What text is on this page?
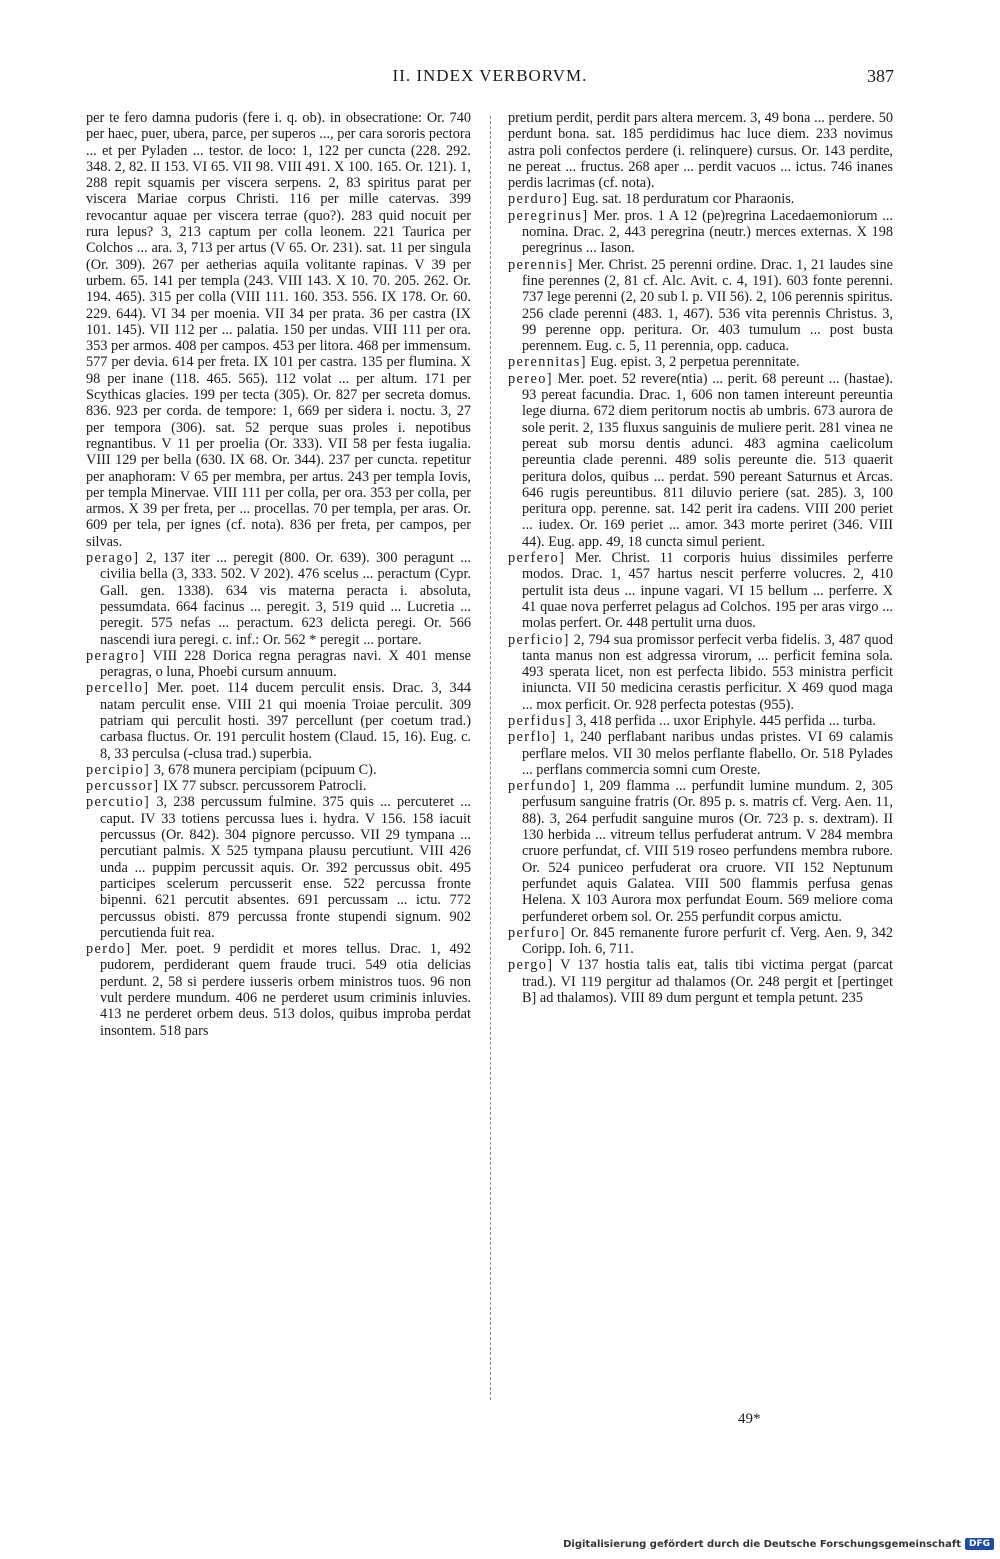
II. INDEX VERBORVM.	387

per te fero damna pudoris (fere i. q. ob). in obsecratione: Or. 740 per haec, puer, ubera, parce, per superos ..., per cara sororis pectora ... et per Pyladen ... testor. de loco: 1, 122 per cuncta (228. 292. 348. 2, 82. II 153. VI 65. VII 98. VIII 491. X 100. 165. Or. 121). 1, 288 repit squamis per viscera serpens. 2, 83 spiritus parat per viscera Mariae corpus Christi. 116 per mille catervas. 399 revocantur aquae per viscera terrae (quo?). 283 quid nocuit per rura lepus? 3, 213 captum per colla leonem. 221 Taurica per Colchos ... ara. 3, 713 per artus (V 65. Or. 231). sat. 11 per singula (Or. 309). 267 per aetherias aquila volitante rapinas. V 39 per urbem. 65. 141 per templa (243. VIII 143. X 10. 70. 205. 262. Or. 194. 465). 315 per colla (VIII 111. 160. 353. 556. IX 178. Or. 60. 229. 644). VI 34 per moenia. VII 34 per prata. 36 per castra (IX 101. 145). VII 112 per ... palatia. 150 per undas. VIII 111 per ora. 353 per armos. 408 per campos. 453 per litora. 468 per immensum. 577 per devia. 614 per freta. IX 101 per castra. 135 per flumina. X 98 per inane (118. 465. 565). 112 volat ... per altum. 171 per Scythicas glacies. 199 per tecta (305). Or. 827 per secreta domus. 836. 923 per corda. de tempore: 1, 669 per sidera i. noctu. 3, 27 per tempora (306). sat. 52 perque suas proles i. nepotibus regnantibus. V 11 per proelia (Or. 333). VII 58 per festa iugalia. VIII 129 per bella (630. IX 68. Or. 344). 237 per cuncta. repetitur per anaphoram: V 65 per membra, per artus. 243 per templa Iovis, per templa Minervae. VIII 111 per colla, per ora. 353 per colla, per armos. X 39 per freta, per ... procellas. 70 per templa, per aras. Or. 609 per tela, per ignes (cf. nota). 836 per freta, per campos, per silvas.

perago] 2, 137 iter ... peregit (800. Or. 639). 300 peragunt ... civilia bella (3, 333. 502. V 202). 476 scelus ... peractum (Cypr. Gall. gen. 1338). 634 vis materna peracta i. absoluta, pessumdata. 664 facinus ... peregit. 3, 519 quid ... Lucretia ... peregit. 575 nefas ... peractum. 623 delicta peregi. Or. 566 nascendi iura peregi. c. inf.: Or. 562 * peregit ... portare.

peragro] VIII 228 Dorica regna peragras navi. X 401 mense peragras, o luna, Phoebi cursum annuum.

percello] Mer. poet. 114 ducem perculit ensis. Drac. 3, 344 natam perculit ense. VIII 21 qui moenia Troiae perculit. 309 patriam qui perculit hosti. 397 percellunt (per coetum trad.) carbasa fluctus. Or. 191 perculit hostem (Claud. 15, 16). Eug. c. 8, 33 perculsa (-clusa trad.) superbia.

percipio] 3, 678 munera percipiam (pcipuum C).

percussor] IX 77 subscr. percussorem Patrocli.

percutio] 3, 238 percussum fulmine. 375 quis ... percuteret ... caput. IV 33 totiens percussa lues i. hydra. V 156. 158 iacuit percussus (Or. 842). 304 pignore percusso. VII 29 tympana ... percutiant palmis. X 525 tympana plausu percutiunt. VIII 426 unda ... puppim percussit aquis. Or. 392 percussus obit. 495 participes scelerum percusserit ense. 522 percussa fronte bipenni. 621 percutit absentes. 691 percussam ... ictu. 772 percussus obisti. 879 percussa fronte stupendi signum. 902 percutienda fuit rea.

perdo] Mer. poet. 9 perdidit et mores tellus. Drac. 1, 492 pudorem, perdiderant quem fraude truci. 549 otia delicias perdunt. 2, 58 si perdere iusseris orbem ministros tuos. 96 non vult perdere mundum. 406 ne perderet usum criminis inluvies. 413 ne perderet orbem deus. 513 dolos, quibus improba perdat insontem. 518 pars

pretium perdit, perdit pars altera mercem. 3, 49 bona ... perdere. 50 perdunt bona. sat. 185 perdidimus hac luce diem. 233 novimus astra poli confectos perdere (i. relinquere) cursus. Or. 143 perdite, ne pereat ... fructus. 268 aper ... perdit vacuos ... ictus. 746 inanes perdis lacrimas (cf. nota).

perduro] Eug. sat. 18 perduratum cor Pharaonis.

peregrinus] Mer. pros. 1 A 12 (pe)regrina Lacedaemoniorum ... nomina. Drac. 2, 443 peregrina (neutr.) merces externas. X 198 peregrinus ... Iason.

perennis] Mer. Christ. 25 perenni ordine. Drac. 1, 21 laudes sine fine perennes (2, 81 cf. Alc. Avit. c. 4, 191). 603 fonte perenni. 737 lege perenni (2, 20 sub l. p. VII 56). 2, 106 perennis spiritus. 256 clade perenni (483. 1, 467). 536 vita perennis Christus. 3, 99 perenne opp. peritura. Or. 403 tumulum ... post busta perennem. Eug. c. 5, 11 perennia, opp. caduca.

perennitas] Eug. epist. 3, 2 perpetua perennitate.

pereo] Mer. poet. 52 revere(ntia) ... perit. 68 pereunt ... (hastae). 93 pereat facundia. Drac. 1, 606 non tamen intereunt pereuntia lege diurna. 672 diem peritorum noctis ab umbris. 673 aurora de sole perit. 2, 135 fluxus sanguinis de muliere perit. 281 vinea ne pereat sub morsu dentis adunci. 483 agmina caelicolum pereuntia clade perenni. 489 solis pereunte die. 513 quaerit peritura dolos, quibus ... perdat. 590 pereant Saturnus et Arcas. 646 rugis pereuntibus. 811 diluvio periere (sat. 285). 3, 100 peritura opp. perenne. sat. 142 perit ira cadens. VIII 200 periet ... iudex. Or. 169 periet ... amor. 343 morte periret (346. VIII 44). Eug. app. 49, 18 cuncta simul perient.

perfero] Mer. Christ. 11 corporis huius dissimiles perferre modos. Drac. 1, 457 hartus nescit perferre volucres. 2, 410 pertulit ista deus ... inpune vagari. VI 15 bellum ... perferre. X 41 quae nova perferret pelagus ad Colchos. 195 per aras virgo ... molas perfert. Or. 448 pertulit urna duos.

perficio] 2, 794 sua promissor perfecit verba fidelis. 3, 487 quod tanta manus non est adgressa virorum, ... perficit femina sola. 493 sperata licet, non est perfecta libido. 553 ministra perficit iniuncta. VII 50 medicina cerastis perficitur. X 469 quod maga ... mox perficit. Or. 928 perfecta potestas (955).

perfidus] 3, 418 perfida ... uxor Eriphyle. 445 perfida ... turba.

perflo] 1, 240 perflabant naribus undas pristes. VI 69 calamis perflare melos. VII 30 melos perflante flabello. Or. 518 Pylades ... perflans commercia somni cum Oreste.

perfundo] 1, 209 flamma ... perfundit lumine mundum. 2, 305 perfusum sanguine fratris (Or. 895 p. s. matris cf. Verg. Aen. 11, 88). 3, 264 perfudit sanguine muros (Or. 723 p. s. dextram). II 130 herbida ... vitreum tellus perfuderat antrum. V 284 membra cruore perfundat, cf. VIII 519 roseo perfundens membra rubore. Or. 524 puniceo perfuderat ora cruore. VII 152 Neptunum perfundet aquis Galatea. VIII 500 flammis perfusa genas Helena. X 103 Aurora mox perfundat Eoum. 569 meliore coma perfunderet orbem sol. Or. 255 perfundit corpus amictu.

perfuro] Or. 845 remanente furore perfurit cf. Verg. Aen. 9, 342 Coripp. Ioh. 6, 711.

pergo] V 137 hostia talis eat, talis tibi victima pergat (parcat trad.). VI 119 pergitur ad thalamos (Or. 248 pergit et [pertinget B] ad thalamos). VIII 89 dum pergunt et templa petunt. 235

49*
Digitalisierung gefördert durch die Deutsche Forschungsgemeinschaft DFG
